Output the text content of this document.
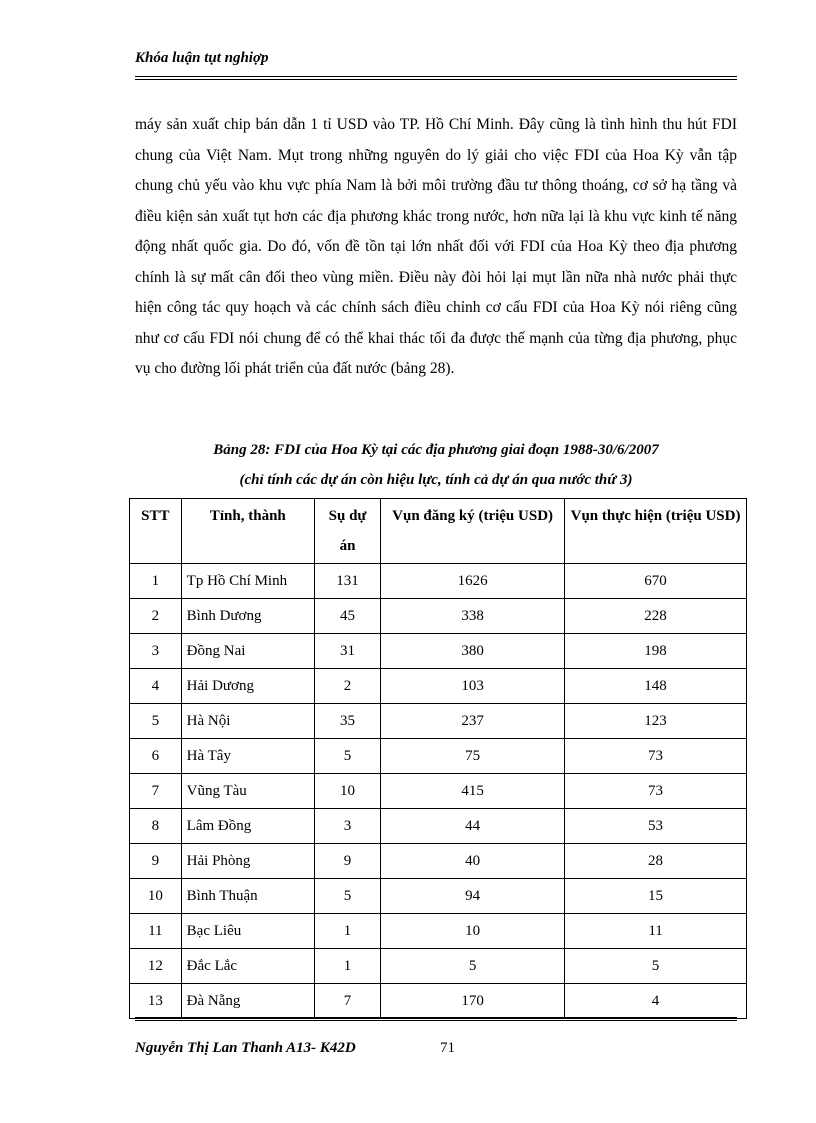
Khóa luận tụt nghiợp

máy sản xuất chip bán dẫn 1 tỉ USD vào TP. Hồ Chí Minh. Đây cũng là tình hình thu hút FDI chung của Việt Nam. Mụt trong những nguyên do lý giải cho việc FDI của Hoa Kỳ vẫn tập chung chủ yếu vào khu vực phía Nam là bởi môi trường đầu tư thông thoáng, cơ sở hạ tầng và điều kiện sản xuất tụt hơn các địa phương khác trong nước, hơn nữa lại là khu vực kinh tế năng động nhất quốc gia. Do đó, vốn đề tồn tại lớn nhất đối với FDI của Hoa Kỳ theo địa phương chính là sự mất cân đối theo vùng miền. Điều này đòi hỏi lại mụt lần nữa nhà nước phải thực hiện công tác quy hoạch và các chính sách điều chỉnh cơ cấu FDI của Hoa Kỳ nói riêng cũng như cơ cấu FDI nói chung để có thể khai thác tối đa được thế mạnh của từng địa phương, phục vụ cho đường lối phát triển của đất nước (bảng 28).

Bảng 28: FDI của Hoa Kỳ tại các địa phương giai đoạn 1988-30/6/2007
(chỉ tính các dự án còn hiệu lực, tính cả dự án qua nước thứ 3)
STT	Tỉnh, thành	Sụ dự án	Vụn đăng ký (triệu USD)	Vụn thực hiện (triệu USD)
1	Tp Hồ Chí Minh	131	1626	670
2	Bình Dương	45	338	228
3	Đồng Nai	31	380	198
4	Hải Dương	2	103	148
5	Hà Nội	35	237	123
6	Hà Tây	5	75	73
7	Vũng Tàu	10	415	73
8	Lâm Đồng	3	44	53
9	Hải Phòng	9	40	28
10	Bình Thuận	5	94	15
11	Bạc Liêu	1	10	11
12	Đắc Lắc	1	5	5
13	Đà Nẵng	7	170	4
Nguyễn Thị Lan Thanh A13- K42D	71
